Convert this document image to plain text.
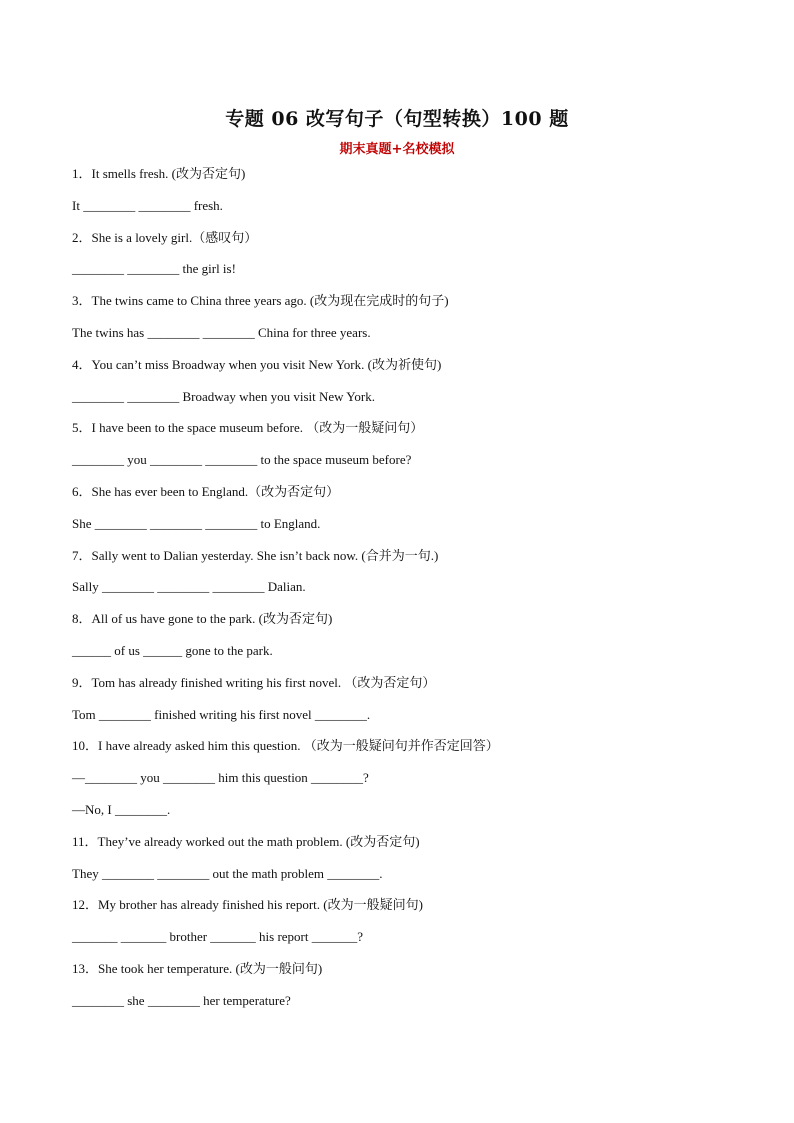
专题 06 改写句子（句型转换）100 题
期末真题+名校模拟
1．It smells fresh. (改为否定句)
It ________ ________ fresh.
2．She is a lovely girl.（感叹句）
________ ________ the girl is!
3．The twins came to China three years ago. (改为现在完成时的句子)
The twins has ________ ________ China for three years.
4．You can’t miss Broadway when you visit New York. (改为祈使句)
________ ________ Broadway when you visit New York.
5．I have been to the space museum before. （改为一般疑问句）
________ you ________ ________ to the space museum before?
6．She has ever been to England.（改为否定句）
She ________ ________ ________ to England.
7．Sally went to Dalian yesterday. She isn’t back now. (合并为一句.)
Sally ________ ________ ________ Dalian.
8．All of us have gone to the park. (改为否定句)
______ of us ______ gone to the park.
9．Tom has already finished writing his first novel. （改为否定句）
Tom ________ finished writing his first novel ________.
10．I have already asked him this question. （改为一般疑问句并作否定回答）
—________ you ________ him this question ________?
—No, I ________.
11．They’ve already worked out the math problem. (改为否定句)
They ________ ________ out the math problem ________.
12．My brother has already finished his report. (改为一般疑问句)
_______ _______ brother _______ his report _______?
13．She took her temperature. (改为一般问句)
________ she ________ her temperature?
